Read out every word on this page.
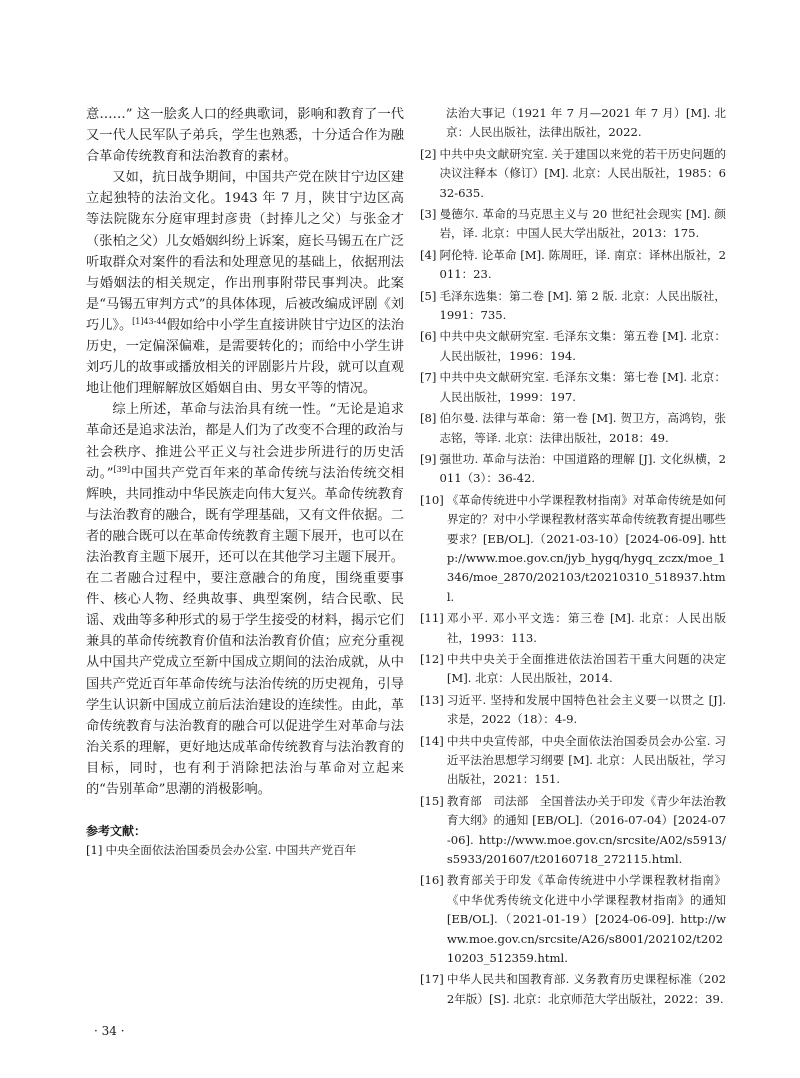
意……” 这一脍炙人口的经典歌词，影响和教育了一代又一代人民军队子弟兵，学生也熟悉，十分适合作为融合革命传统教育和法治教育的素材。

又如，抗日战争期间，中国共产党在陕甘宁边区建立起独特的法治文化。1943 年 7 月，陕甘宁边区高等法院陇东分庭审理封彦贵（封捧儿之父）与张金才（张柏之父）儿女婚姻纠纷上诉案，庭长马锡五在广泛听取群众对案件的看法和处理意见的基础上，依据刑法与婚姻法的相关规定，作出刑事附带民事判决。此案是“马锡五审判方式”的具体体现，后被改编成评剧《刘巧儿》。$^{[1]43-44}$假如给中小学生直接讲陕甘宁边区的法治历史，一定偏深偏难，是需要转化的；而给中小学生讲刘巧儿的故事或播放相关的评剧影片片段，就可以直观地让他们理解解放区婚姻自由、男女平等的情况。

综上所述，革命与法治具有统一性。“无论是追求革命还是追求法治，都是人们为了改变不合理的政治与社会秩序、推进公平正义与社会进步所进行的历史活动。”[39]中国共产党百年来的革命传统与法治传统交相辉映，共同推动中华民族走向伟大复兴。革命传统教育与法治教育的融合，既有学理基础，又有文件依据。二者的融合既可以在革命传统教育主题下展开，也可以在法治教育主题下展开，还可以在其他学习主题下展开。在二者融合过程中，要注意融合的角度，围绕重要事件、核心人物、经典故事、典型案例，结合民歌、民谣、戏曲等多种形式的易于学生接受的材料，揭示它们兼具的革命传统教育价值和法治教育价值；应充分重视从中国共产党成立至新中国成立期间的法治成就，从中国共产党近百年革命传统与法治传统的历史视角，引导学生认识新中国成立前后法治建设的连续性。由此，革命传统教育与法治教育的融合可以促进学生对革命与法治关系的理解，更好地达成革命传统教育与法治教育的目标，同时，也有利于消除把法治与革命对立起来的“告别革命”思潮的消极影响。

参考文献：
[1] 中央全面依法治国委员会办公室. 中国共产党百年
法治大事记（1921 年 7 月—2021 年 7 月）[M]. 北京：人民出版社，法律出版社，2022.
[2] 中共中央文献研究室. 关于建国以来党的若干历史问题的决议注释本（修订）[M]. 北京：人民出版社，1985：632-635.
[3] 曼德尔. 革命的马克思主义与 20 世纪社会现实 [M]. 颜岩，译. 北京：中国人民大学出版社，2013：175.
[4] 阿伦特. 论革命 [M]. 陈周旺，译. 南京：译林出版社，2011：23.
[5] 毛泽东选集：第二卷 [M]. 第 2 版. 北京：人民出版社，1991：735.
[6] 中共中央文献研究室. 毛泽东文集：第五卷 [M]. 北京：人民出版社，1996：194.
[7] 中共中央文献研究室. 毛泽东文集：第七卷 [M]. 北京：人民出版社，1999：197.
[8] 伯尔曼. 法律与革命：第一卷 [M]. 贺卫方，高鸿钧，张志铭，等译. 北京：法律出版社，2018：49.
[9] 强世功. 革命与法治：中国道路的理解 [J]. 文化纵横，2011（3）：36-42.
[10] 《革命传统进中小学课程教材指南》对革命传统是如何界定的？对中小学课程教材落实革命传统教育提出哪些要求？[EB/OL].（2021-03-10）[2024-06-09]. http://www.moe.gov.cn/jyb_hygq/hygq_zczx/moe_1346/moe_2870/202103/t20210310_518937.html.
[11] 邓小平. 邓小平文选：第三卷 [M]. 北京：人民出版社，1993：113.
[12] 中共中央关于全面推进依法治国若干重大问题的决定 [M]. 北京：人民出版社，2014.
[13] 习近平. 坚持和发展中国特色社会主义要一以贯之 [J]. 求是，2022（18）：4-9.
[14] 中共中央宣传部，中央全面依法治国委员会办公室. 习近平法治思想学习纲要 [M]. 北京：人民出版社，学习出版社，2021：151.
[15] 教育部　司法部　全国普法办关于印发《青少年法治教育大纲》的通知 [EB/OL].（2016-07-04）[2024-07-06]. http://www.moe.gov.cn/srcsite/A02/s5913/s5933/201607/t20160718_272115.html.
[16] 教育部关于印发《革命传统进中小学课程教材指南》《中华优秀传统文化进中小学课程教材指南》的通知 [EB/OL].（2021-01-19）[2024-06-09]. http://www.moe.gov.cn/srcsite/A26/s8001/202102/t20210203_512359.html.
[17] 中华人民共和国教育部. 义务教育历史课程标准（2022年版）[S]. 北京：北京师范大学出版社，2022：39.
· 34 ·
